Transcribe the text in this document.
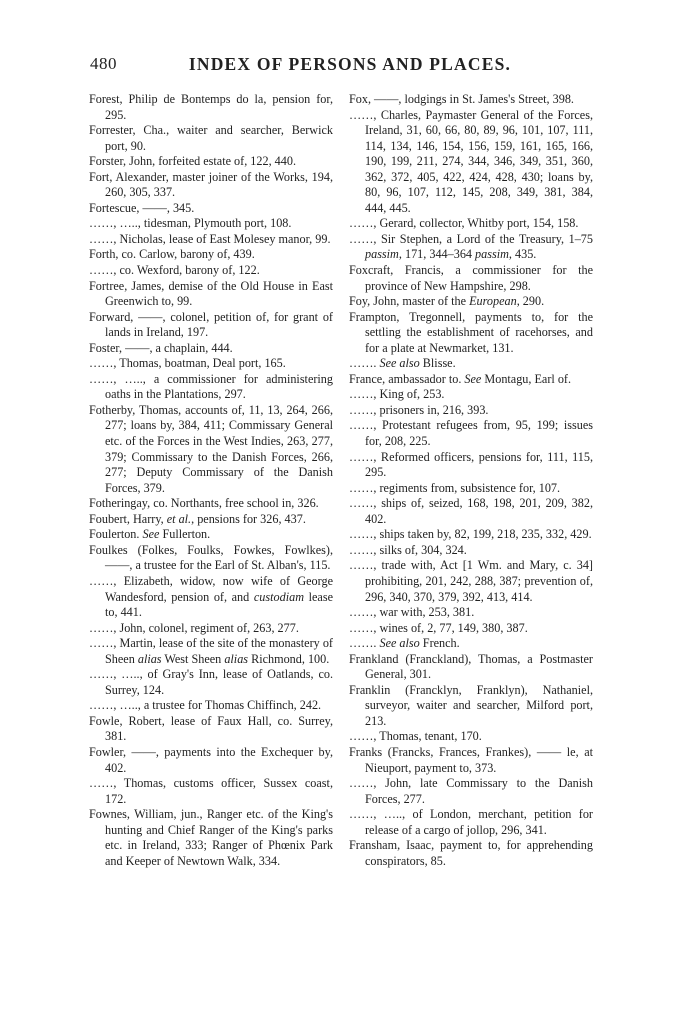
480	INDEX OF PERSONS AND PLACES.

Forest, Philip de Bontemps do la, pension for, 295.

Forrester, Cha., waiter and searcher, Berwick port, 90.

Forster, John, forfeited estate of, 122, 440.

Fort, Alexander, master joiner of the Works, 194, 260, 305, 337.

Fortescue, ——, 345.

……, ….., tidesman, Plymouth port, 108.

……, Nicholas, lease of East Molesey manor, 99.

Forth, co. Carlow, barony of, 439.

……, co. Wexford, barony of, 122.

Fortree, James, demise of the Old House in East Greenwich to, 99.

Forward, ——, colonel, petition of, for grant of lands in Ireland, 197.

Foster, ——, a chaplain, 444.

……, Thomas, boatman, Deal port, 165.

……, ….., a commissioner for administering oaths in the Plantations, 297.

Fotherby, Thomas, accounts of, 11, 13, 264, 266, 277; loans by, 384, 411; Commissary General etc. of the Forces in the West Indies, 263, 277, 379; Commissary to the Danish Forces, 266, 277; Deputy Commissary of the Danish Forces, 379.

Fotheringay, co. Northants, free school in, 326.

Foubert, Harry, et al., pensions for 326, 437.

Foulerton. See Fullerton.

Foulkes (Folkes, Foulks, Fowkes, Fowlkes), ——, a trustee for the Earl of St. Alban's, 115.

……, Elizabeth, widow, now wife of George Wandesford, pension of, and custodiam lease to, 441.

……, John, colonel, regiment of, 263, 277.

……, Martin, lease of the site of the monastery of Sheen alias West Sheen alias Richmond, 100.

……, ….., of Gray's Inn, lease of Oatlands, co. Surrey, 124.

……, ….., a trustee for Thomas Chiffinch, 242.

Fowle, Robert, lease of Faux Hall, co. Surrey, 381.

Fowler, ——, payments into the Exchequer by, 402.

……, Thomas, customs officer, Sussex coast, 172.

Fownes, William, jun., Ranger etc. of the King's hunting and Chief Ranger of the King's parks etc. in Ireland, 333; Ranger of Phœnix Park and Keeper of Newtown Walk, 334.

Fox, ——, lodgings in St. James's Street, 398.

……, Charles, Paymaster General of the Forces, Ireland, 31, 60, 66, 80, 89, 96, 101, 107, 111, 114, 134, 146, 154, 156, 159, 161, 165, 166, 190, 199, 211, 274, 344, 346, 349, 351, 360, 362, 372, 405, 422, 424, 428, 430; loans by, 80, 96, 107, 112, 145, 208, 349, 381, 384, 444, 445.

……, Gerard, collector, Whitby port, 154, 158.

……, Sir Stephen, a Lord of the Treasury, 1–75 passim, 171, 344–364 passim, 435.

Foxcraft, Francis, a commissioner for the province of New Hampshire, 298.

Foy, John, master of the European, 290.

Frampton, Tregonnell, payments to, for the settling the establishment of racehorses, and for a plate at Newmarket, 131.

……. See also Blisse.

France, ambassador to. See Montagu, Earl of.

……, King of, 253.

……, prisoners in, 216, 393.

……, Protestant refugees from, 95, 199; issues for, 208, 225.

……, Reformed officers, pensions for, 111, 115, 295.

……, regiments from, subsistence for, 107.

……, ships of, seized, 168, 198, 201, 209, 382, 402.

……, ships taken by, 82, 199, 218, 235, 332, 429.

……, silks of, 304, 324.

……, trade with, Act [1 Wm. and Mary, c. 34] prohibiting, 201, 242, 288, 387; prevention of, 296, 340, 370, 379, 392, 413, 414.

……, war with, 253, 381.

……, wines of, 2, 77, 149, 380, 387.

……. See also French.

Frankland (Franckland), Thomas, a Postmaster General, 301.

Franklin (Francklyn, Franklyn), Nathaniel, surveyor, waiter and searcher, Milford port, 213.

……, Thomas, tenant, 170.

Franks (Francks, Frances, Frankes), —— le, at Nieuport, payment to, 373.

……, John, late Commissary to the Danish Forces, 277.

……, ….., of London, merchant, petition for release of a cargo of jollop, 296, 341.

Fransham, Isaac, payment to, for apprehending conspirators, 85.
